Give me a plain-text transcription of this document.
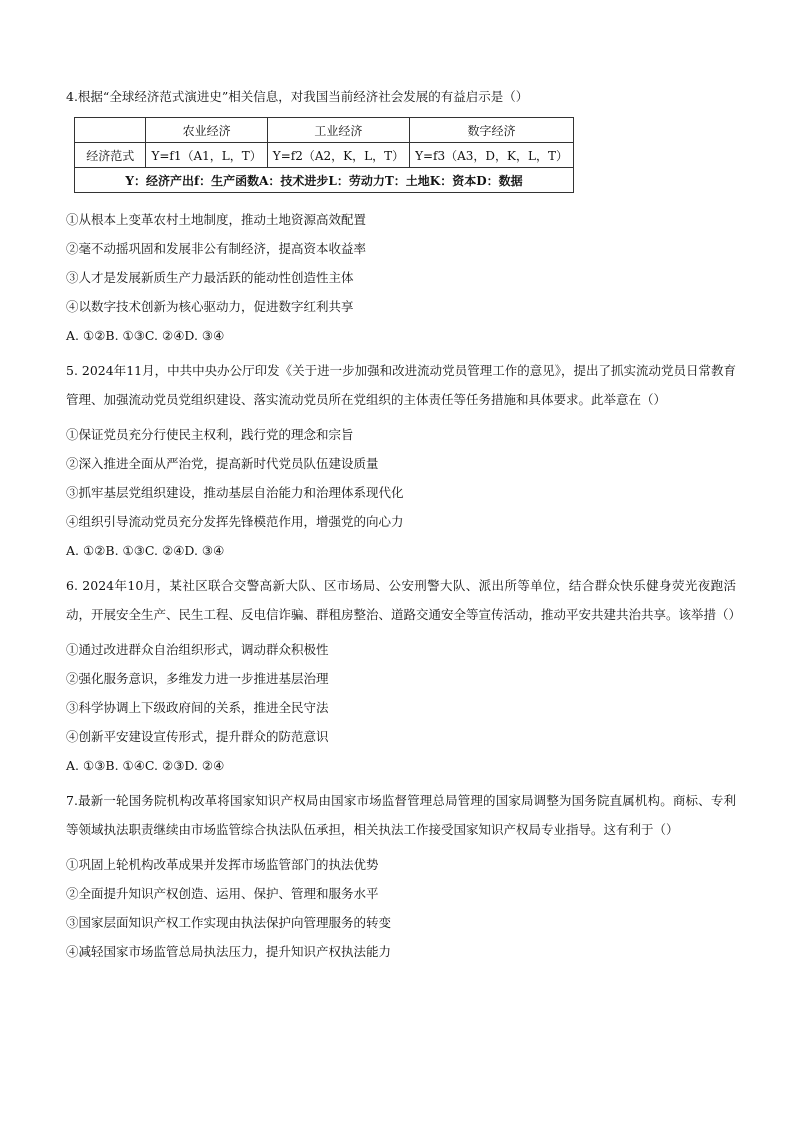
4.根据“全球经济范式演进史”相关信息，对我国当前经济社会发展的有益启示是（）

	农业经济	工业经济	数字经济
经济范式	Y=f1（A1，L，T）	Y=f2（A2，K，L，T）	Y=f3（A3，D，K，L，T）
Y：经济产出f：生产函数A：技术进步L：劳动力T：土地K：资本D：数据			

①从根本上变革农村土地制度，推动土地资源高效配置

②毫不动摇巩固和发展非公有制经济，提高资本收益率

③人才是发展新质生产力最活跃的能动性创造性主体

④以数字技术创新为核心驱动力，促进数字红利共享

A. ①②B. ①③C. ②④D. ③④

5. 2024年11月，中共中央办公厅印发《关于进一步加强和改进流动党员管理工作的意见》，提出了抓实流动党员日常教育管理、加强流动党员党组织建设、落实流动党员所在党组织的主体责任等任务措施和具体要求。此举意在（）

①保证党员充分行使民主权利，践行党的理念和宗旨

②深入推进全面从严治党，提高新时代党员队伍建设质量

③抓牢基层党组织建设，推动基层自治能力和治理体系现代化

④组织引导流动党员充分发挥先锋模范作用，增强党的向心力

A. ①②B. ①③C. ②④D. ③④

6. 2024年10月，某社区联合交警高新大队、区市场局、公安刑警大队、派出所等单位，结合群众快乐健身荧光夜跑活动，开展安全生产、民生工程、反电信诈骗、群租房整治、道路交通安全等宣传活动，推动平安共建共治共享。该举措（）

①通过改进群众自治组织形式，调动群众积极性

②强化服务意识，多维发力进一步推进基层治理

③科学协调上下级政府间的关系，推进全民守法

④创新平安建设宣传形式，提升群众的防范意识

A. ①③B. ①④C. ②③D. ②④

7.最新一轮国务院机构改革将国家知识产权局由国家市场监督管理总局管理的国家局调整为国务院直属机构。商标、专利等领域执法职责继续由市场监管综合执法队伍承担，相关执法工作接受国家知识产权局专业指导。这有利于（）

①巩固上轮机构改革成果并发挥市场监管部门的执法优势

②全面提升知识产权创造、运用、保护、管理和服务水平

③国家层面知识产权工作实现由执法保护向管理服务的转变

④减轻国家市场监管总局执法压力，提升知识产权执法能力
